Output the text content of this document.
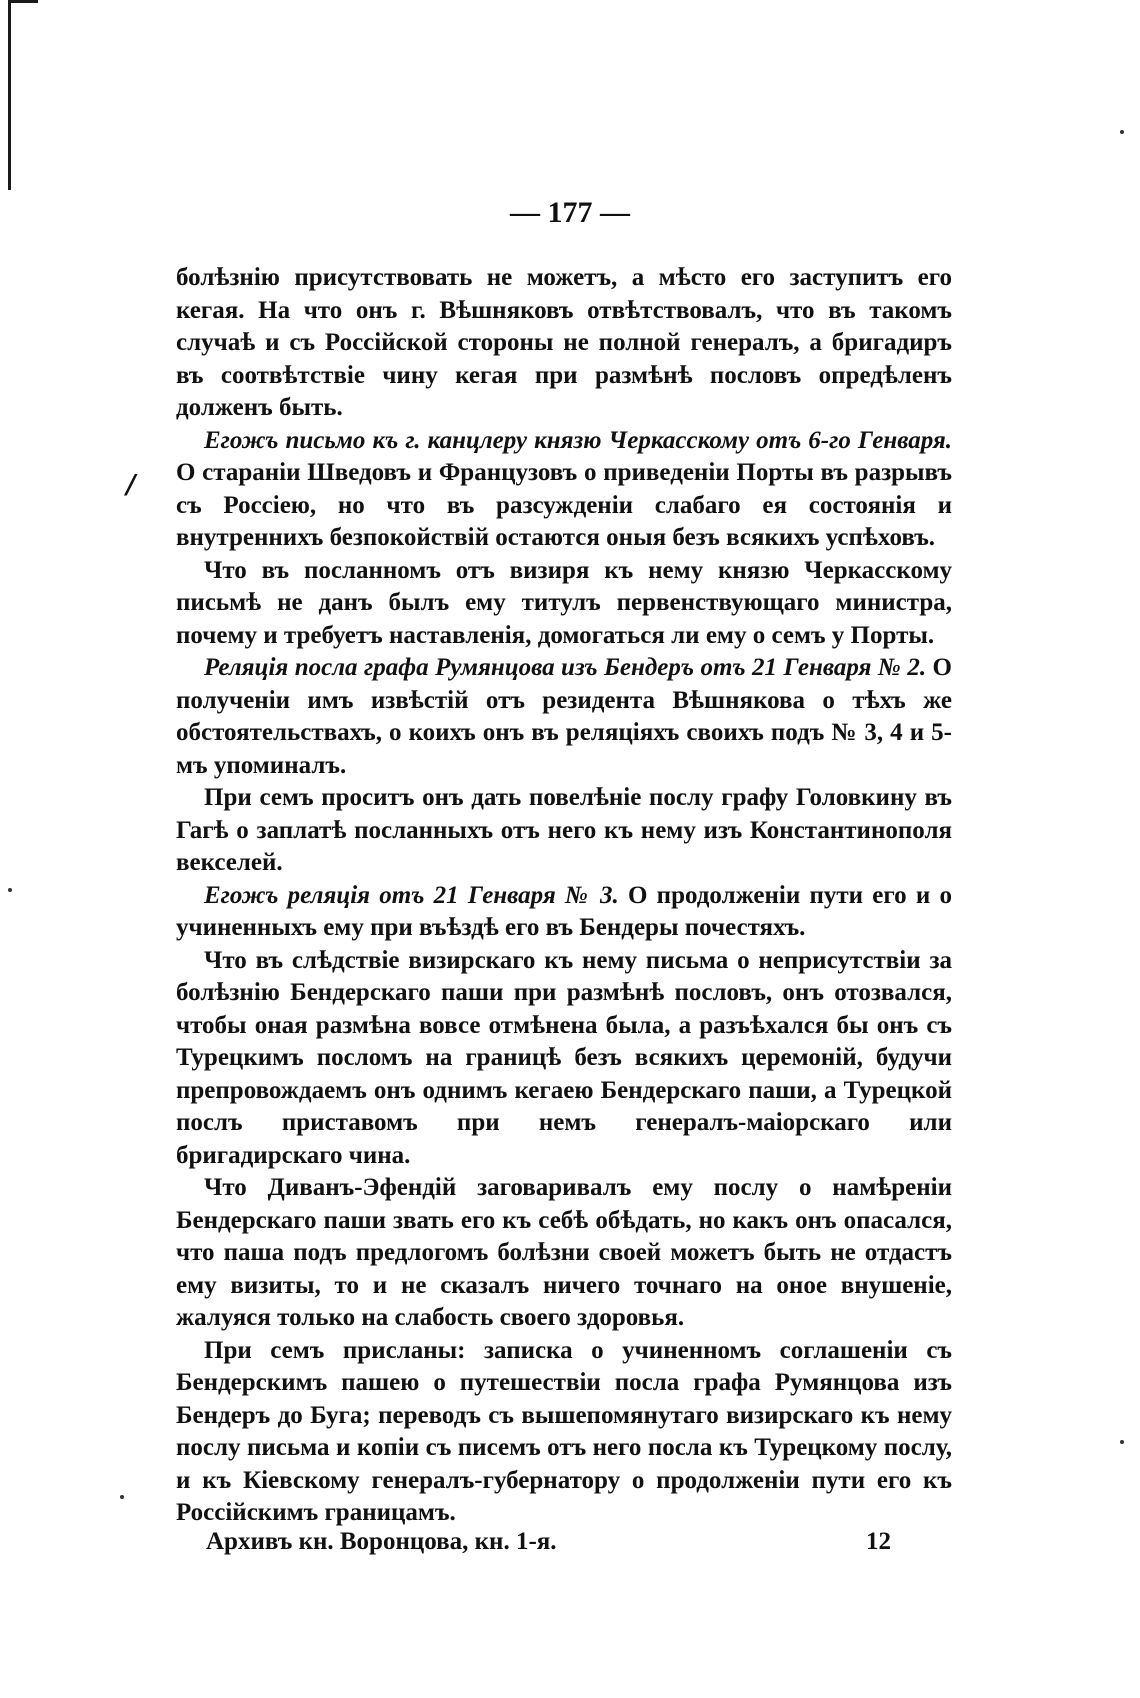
— 177 —
/

болѣзнію присутствовать не можетъ, а мѣсто его заступитъ его кегая. На что онъ г. Вѣшняковъ отвѣтствовалъ, что въ такомъ случаѣ и съ Россійской стороны не полной генералъ, а бригадиръ въ соотвѣтствіе чину кегая при размѣнѣ пословъ опредѣленъ долженъ быть.

Егожъ письмо къ г. канцлеру князю Черкасскому отъ 6-го Генваря. О стараніи Шведовъ и Французовъ о приведеніи Порты въ разрывъ съ Россіею, но что въ разсужденіи слабаго ея состоянія и внутреннихъ безпокойствій остаются оныя безъ всякихъ успѣховъ.

Что въ посланномъ отъ визиря къ нему князю Черкасскому письмѣ не данъ былъ ему титулъ первенствующаго министра, почему и требуетъ наставленія, домогаться ли ему о семъ у Порты.

Реляція посла графа Румянцова изъ Бендеръ отъ 21 Генваря № 2. О полученіи имъ извѣстій отъ резидента Вѣшнякова о тѣхъ же обстоятельствахъ, о коихъ онъ въ реляціяхъ своихъ подъ № 3, 4 и 5-мъ упоминалъ.

При семъ проситъ онъ дать повелѣніе послу графу Головкину въ Гагѣ о заплатѣ посланныхъ отъ него къ нему изъ Константинополя векселей.

Егожъ реляція отъ 21 Генваря № 3. О продолженіи пути его и о учиненныхъ ему при въѣздѣ его въ Бендеры почестяхъ.

Что въ слѣдствіе визирскаго къ нему письма о неприсутствіи за болѣзнію Бендерскаго паши при размѣнѣ пословъ, онъ отозвался, чтобы оная размѣна вовсе отмѣнена была, а разъѣхался бы онъ съ Турецкимъ посломъ на границѣ безъ всякихъ церемоній, будучи препровождаемъ онъ однимъ кегаею Бендерскаго паши, а Турецкой послъ приставомъ при немъ генералъ-маіорскаго или бригадирскаго чина.

Что Диванъ-Эфендій заговаривалъ ему послу о намѣреніи Бендерскаго паши звать его къ себѣ обѣдать, но какъ онъ опасался, что паша подъ предлогомъ болѣзни своей можетъ быть не отдастъ ему визиты, то и не сказалъ ничего точнаго на оное внушеніе, жалуяся только на слабость своего здоровья.

При семъ присланы: записка о учиненномъ соглашеніи съ Бендерскимъ пашею о путешествіи посла графа Румянцова изъ Бендеръ до Буга; переводъ съ вышепомянутаго визирскаго къ нему послу письма и копіи съ писемъ отъ него посла къ Турецкому послу, и къ Кіевскому генералъ-губернатору о продолженіи пути его къ Россійскимъ границамъ.

Архивъ кн. Воронцова, кн. 1-я.	12
